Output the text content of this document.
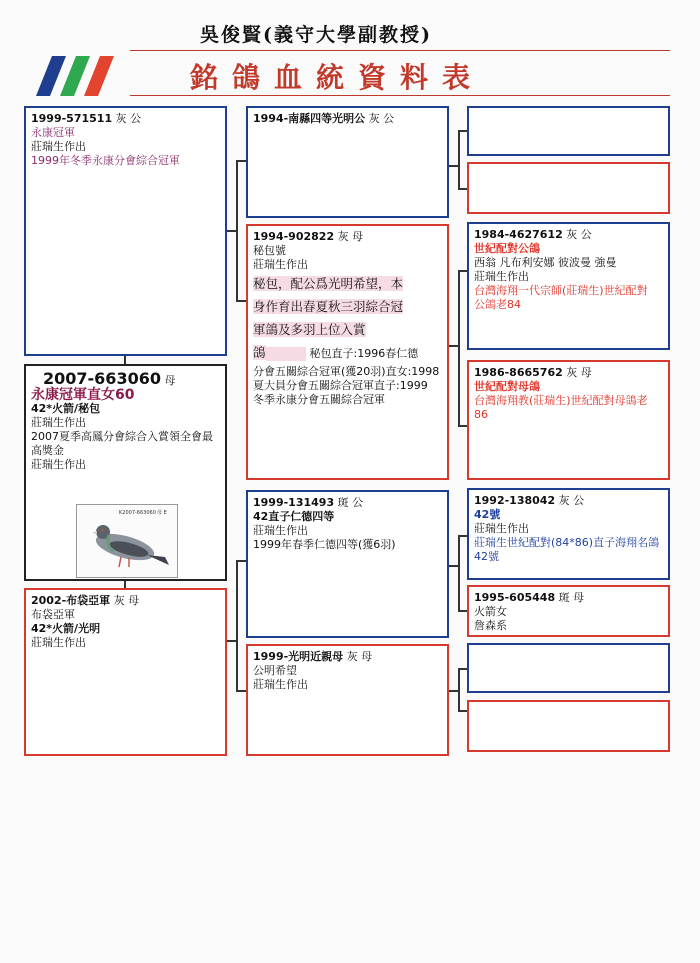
吳俊賢(義守大學副教授)
銘鴿血統資料表
1999-571511 灰 公
永康冠軍
莊瑞生作出
1999年冬季永康分會綜合冠軍
2007-663060 母
永康冠軍直女60
42*火箭/秘包
莊瑞生作出
2007夏季高鳳分會綜合入賞領全會最高獎金
莊瑞生作出
K2007-663060 母 E
2002-布袋亞軍 灰 母
布袋亞軍
42*火箭/光明
莊瑞生作出
1994-南縣四等光明公 灰 公
1994-902822 灰 母
秘包號
莊瑞生作出
秘包，配公爲光明希望，本
身作育出春夏秋三羽綜合冠
軍鴿及多羽上位入賞
鴿	秘包直子:1996春仁德
分會五關綜合冠軍(獲20羽)直女:1998
夏大員分會五關綜合冠軍直子:1999
冬季永康分會五關綜合冠軍
1999-131493 斑 公
42直子仁德四等
莊瑞生作出
1999年春季仁德四等(獲6羽)
1999-光明近親母 灰 母
公明希望
莊瑞生作出
1984-4627612 灰 公
世紀配對公鴿
西翁 凡布利安娜 彼波曼 強曼
莊瑞生作出
台灣海翔一代宗師(莊瑞生)世紀配對
公鴿老84
1986-8665762 灰 母
世紀配對母鴿
台灣海翔教(莊瑞生)世紀配對母鴿老
86
1992-138042 灰 公
42號
莊瑞生作出
莊瑞生世紀配對(84*86)直子海翔名鴿
42號
1995-605448 斑 母
火箭女
詹森系
